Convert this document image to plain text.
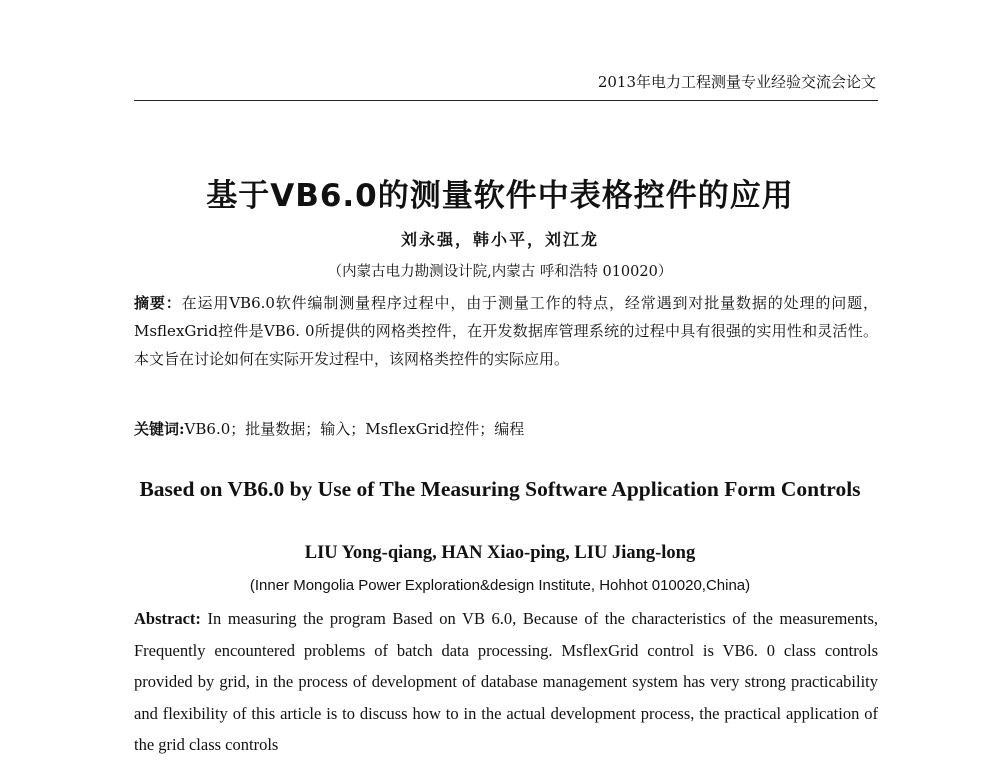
2013年电力工程测量专业经验交流会论文
基于VB6.0的测量软件中表格控件的应用
刘永强，韩小平，刘江龙
（内蒙古电力勘测设计院,内蒙古 呼和浩特 010020）

摘要：在运用VB6.0软件编制测量程序过程中，由于测量工作的特点，经常遇到对批量数据的处理的问题， MsflexGrid控件是VB6. 0所提供的网格类控件，在开发数据库管理系统的过程中具有很强的实用性和灵活性。本文旨在讨论如何在实际开发过程中，该网格类控件的实际应用。

关键词:VB6.0；批量数据；输入；MsflexGrid控件；编程

Based on VB6.0 by Use of The Measuring Software Application Form Controls

LIU Yong-qiang, HAN Xiao-ping, LIU Jiang-long
(Inner Mongolia Power Exploration&design Institute, Hohhot 010020,China)

Abstract: In measuring the program Based on VB 6.0, Because of the characteristics of the measurements, Frequently encountered problems of batch data processing. MsflexGrid control is VB6. 0 class controls provided by grid, in the process of development of database management system has very strong practicability and flexibility of this article is to discuss how to in the actual development process, the practical application of the grid class controls
